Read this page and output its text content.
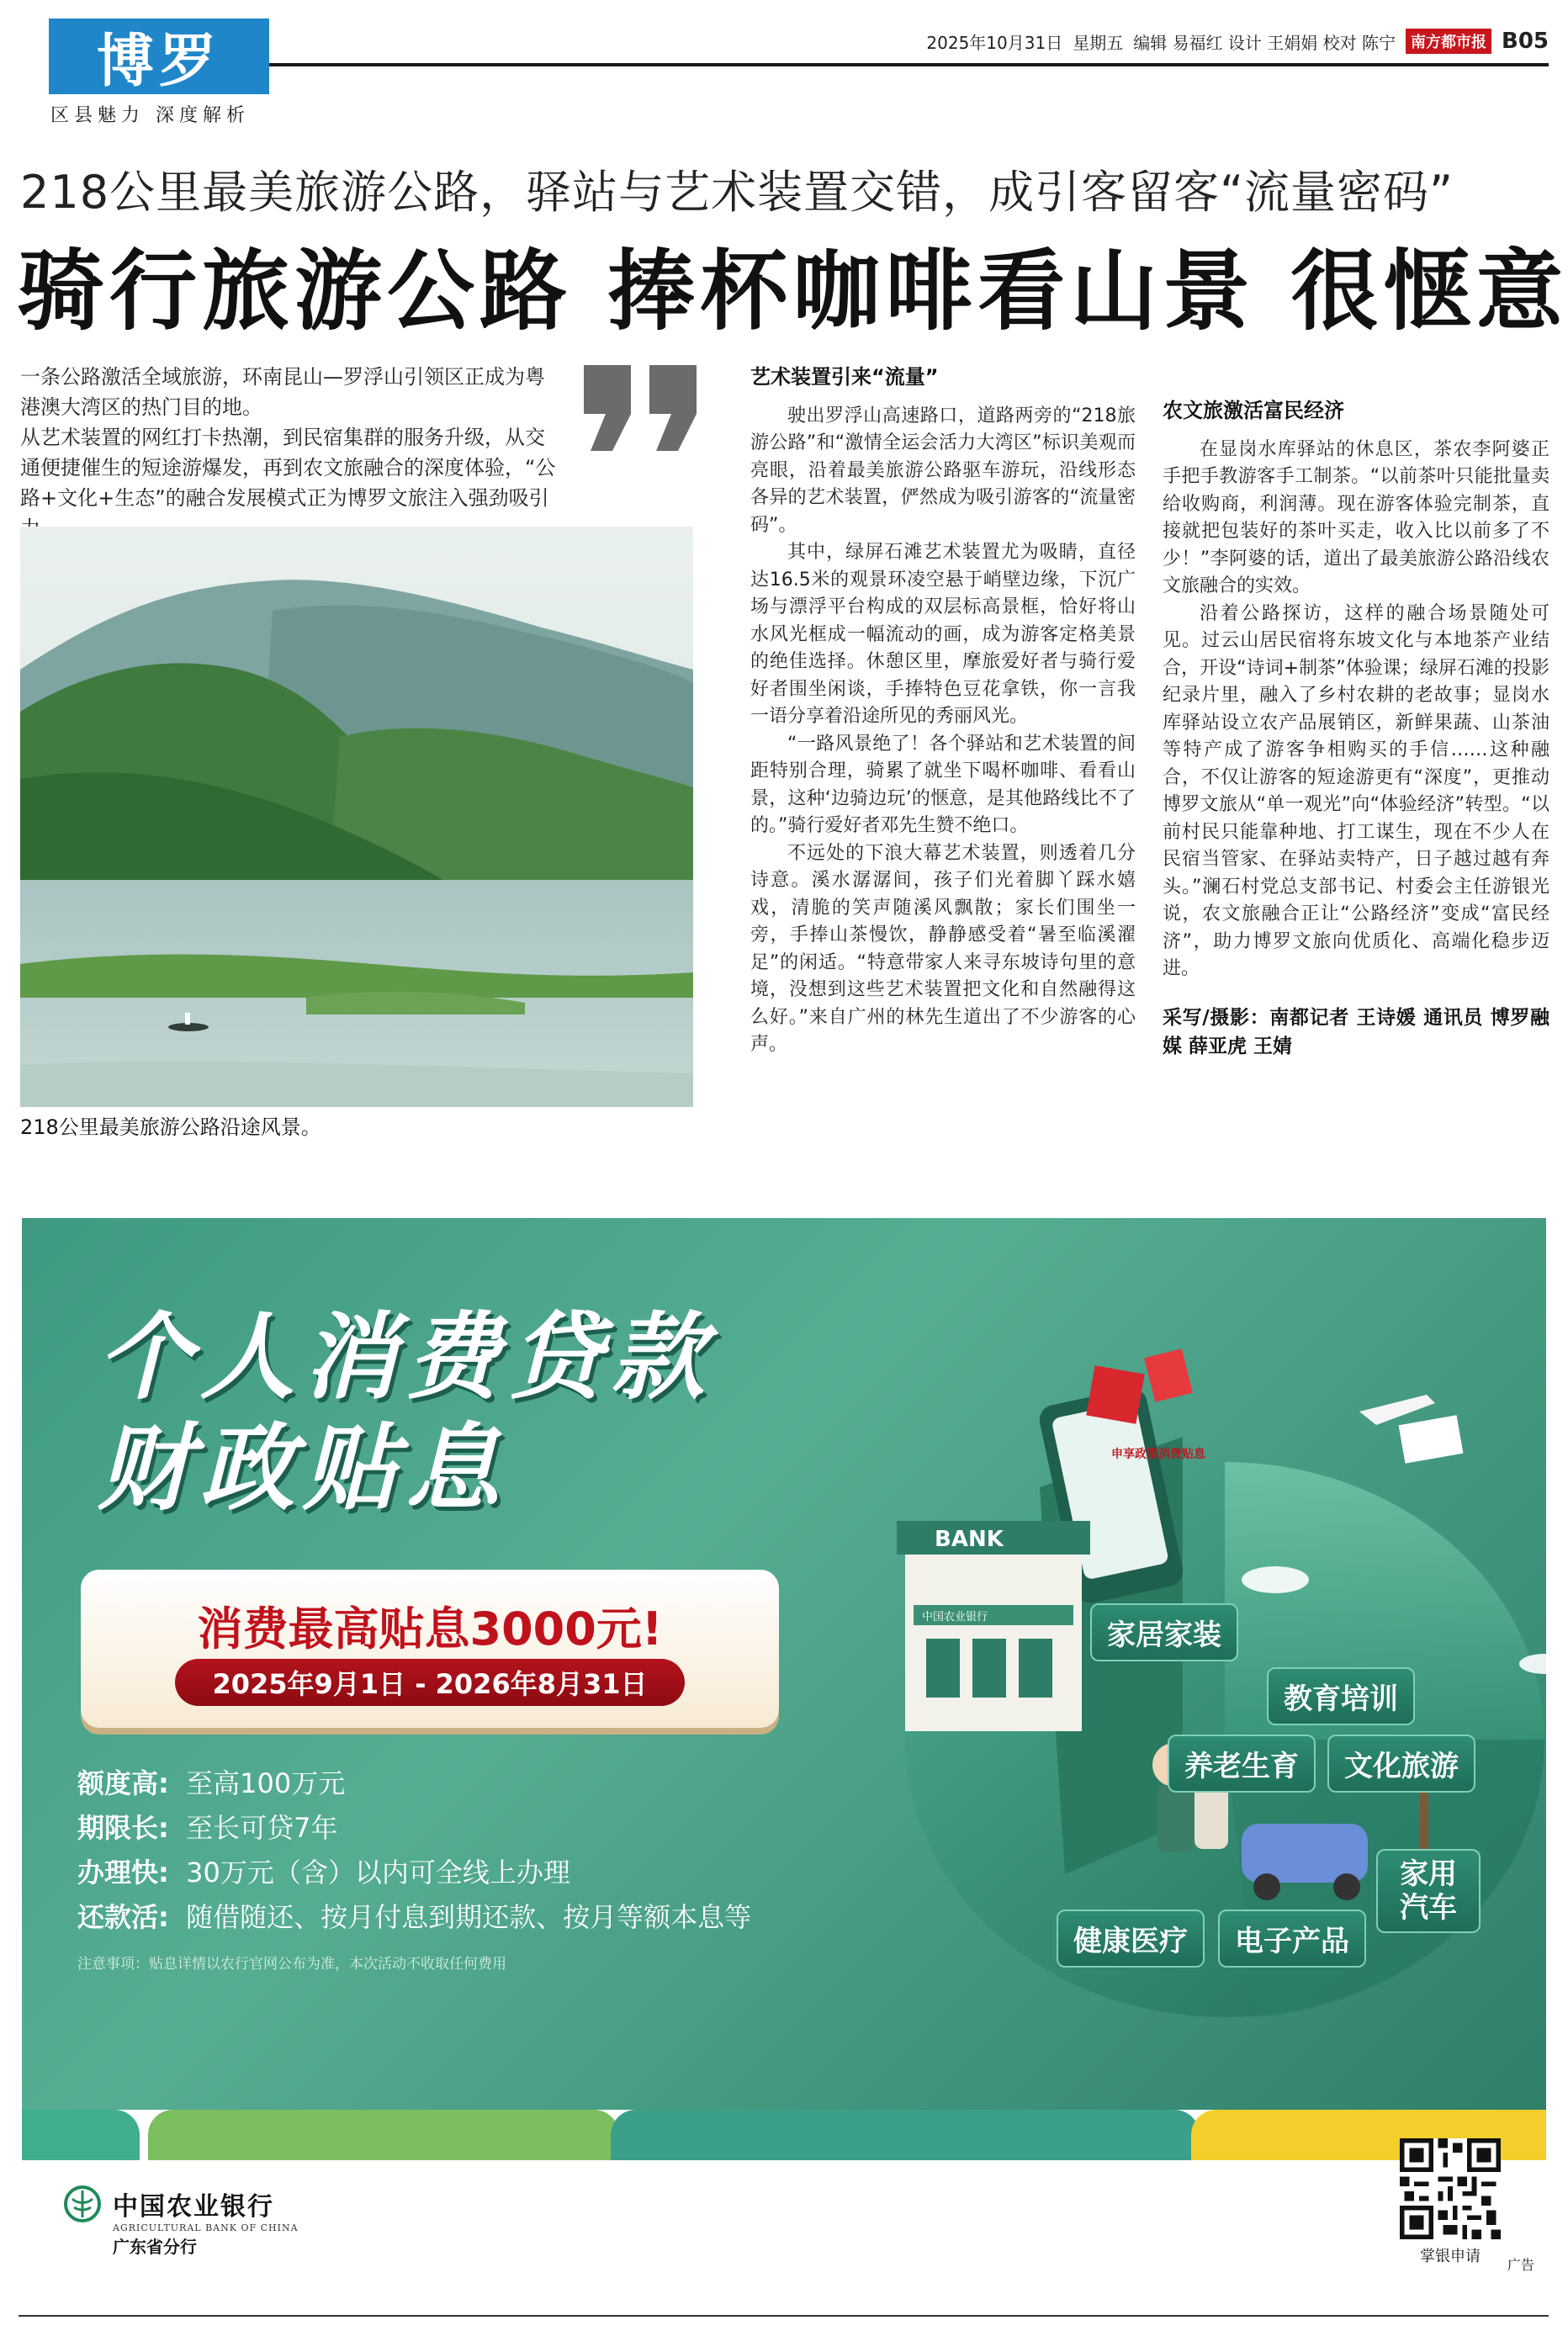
博罗
区县魅力 深度解析
2025年10月31日 星期五 编辑 易福红 设计 王娟娟 校对 陈宁	南方都市报 B05
218公里最美旅游公路，驿站与艺术装置交错，成引客留客“流量密码”
骑行旅游公路 捧杯咖啡看山景 很惬意
一条公路激活全域旅游，环南昆山—罗浮山引领区正成为粤港澳大湾区的热门目的地。
从艺术装置的网红打卡热潮，到民宿集群的服务升级，从交通便捷催生的短途游爆发，再到农文旅融合的深度体验，“公路+文化+生态”的融合发展模式正为博罗文旅注入强劲吸引
218公里最美旅游公路沿途风景。
艺术装置引来“流量”

驶出罗浮山高速路口，道路两旁的“218旅游公路”和“激情全运会活力大湾区”标识美观而亮眼，沿着最美旅游公路驱车游玩，沿线形态各异的艺术装置，俨然成为吸引游客的“流量密码”。

其中，绿屏石滩艺术装置尤为吸睛，直径达16.5米的观景环凌空悬于峭壁边缘，下沉广场与漂浮平台构成的双层标高景框，恰好将山水风光框成一幅流动的画，成为游客定格美景的绝佳选择。休憩区里，摩旅爱好者与骑行爱好者围坐闲谈，手捧特色豆花拿铁，你一言我一语分享着沿途所见的秀丽风光。

“一路风景绝了！各个驿站和艺术装置的间距特别合理，骑累了就坐下喝杯咖啡、看看山景，这种‘边骑边玩’的惬意，是其他路线比不了的。”骑行爱好者邓先生赞不绝口。

不远处的下浪大幕艺术装置，则透着几分诗意。溪水潺潺间，孩子们光着脚丫踩水嬉戏，清脆的笑声随溪风飘散；家长们围坐一旁，手捧山茶慢饮，静静感受着“暑至临溪濯足”的闲适。“特意带家人来寻东坡诗句里的意境，没想到这些艺术装置把文化和自然融得这么好。”来自广州的林先生道出了不少游客的心声。

农文旅激活富民经济

在显岗水库驿站的休息区，茶农李阿婆正手把手教游客手工制茶。“以前茶叶只能批量卖给收购商，利润薄。现在游客体验完制茶，直接就把包装好的茶叶买走，收入比以前多了不少！”李阿婆的话，道出了最美旅游公路沿线农文旅融合的实效。

沿着公路探访，这样的融合场景随处可见。过云山居民宿将东坡文化与本地茶产业结合，开设“诗词+制茶”体验课；绿屏石滩的投影纪录片里，融入了乡村农耕的老故事；显岗水库驿站设立农产品展销区，新鲜果蔬、山茶油等特产成了游客争相购买的手信……这种融合，不仅让游客的短途游更有“深度”，更推动博罗文旅从“单一观光”向“体验经济”转型。“以前村民只能靠种地、打工谋生，现在不少人在民宿当管家、在驿站卖特产，日子越过越有奔头。”澜石村党总支部书记、村委会主任游银光说，农文旅融合正让“公路经济”变成“富民经济”，助力博罗文旅向优质化、高端化稳步迈进。

采写/摄影：南都记者 王诗媛 通讯员 博罗融媒 薛亚虎 王婧
个人消费贷款
财政贴息
消费最高贴息3000元!
2025年9月1日 - 2026年8月31日
额度高: 至高100万元
期限长: 至长可贷7年
办理快: 30万元（含）以内可全线上办理
还款活: 随借随还、按月付息到期还款、按月等额本息等
注意事项：贴息详情以农行官网公布为准，本次活动不收取任何费用
BANK
中国农业银行
申享政策消费贴息
家居家装
教育培训
养老生育	文化旅游
家用汽车
健康医疗	电子产品
中国农业银行
AGRICULTURAL BANK OF CHINA
广东省分行	掌银申请	广告
